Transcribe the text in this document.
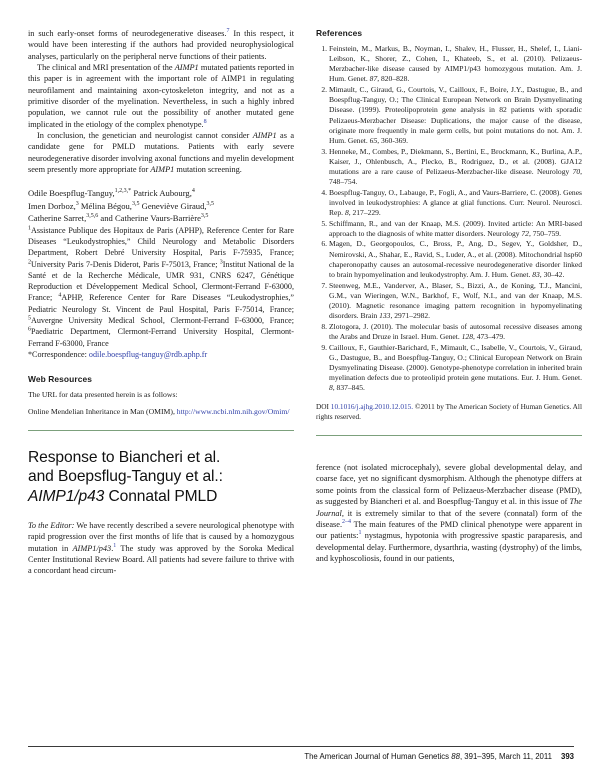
in such early-onset forms of neurodegenerative diseases.$^7$ In this respect, it would have been interesting if the authors had provided neurophysiological analyses, particularly on the peripheral nerve functions of their patients.

The clinical and MRI presentation of the AIMP1 mutated patients reported in this paper is in agreement with the important role of AIMP1 in regulating neurofilament and maintaining axon-cytoskeleton integrity, and not as a primitive disorder of the myelination. Nevertheless, in such a highly inbred population, we cannot rule out the possibility of another mutated gene implicated in the etiology of the complex phenotype.$^8$

In conclusion, the genetician and neurologist cannot consider AIMP1 as a candidate gene for PMLD mutations. Patients with early severe neurodegenerative disorder involving axonal functions and myelin development seem presently more appropriate for AIMP1 mutation screening.

Odile Boespflug-Tanguy,$^{1,2,3,*}$ Patrick Aubourg,$^4$
Imen Dorboz,$^3$ Mélina Bégou,$^{3,5}$ Geneviève Giraud,$^{3,5}$
Catherine Sarret,$^{3,5,6}$ and Catherine Vaurs-Barrière$^{3,5}$
$^1$Assistance Publique des Hopitaux de Paris (APHP), Reference Center for Rare Diseases “Leukodystrophies,” Child Neurology and Metabolic Disorders Department, Robert Debré University Hospital, Paris F-75935, France; $^2$University Paris 7-Denis Diderot, Paris F-75013, France; $^3$Institut National de la Santé et de la Recherche Médicale, UMR 931, CNRS 6247, Génétique Reproduction et Développement Medical School, Clermont-Ferrand F-63000, France; $^4$APHP, Reference Center for Rare Diseases “Leukodystrophies,” Pediatric Neurology St. Vincent de Paul Hospital, Paris F-75014, France; $^5$Auvergne University Medical School, Clermont-Ferrand F-63000, France; $^6$Paediatric Department, Clermont-Ferrand University Hospital, Clermont-Ferrand F-63000, France
*Correspondence: odile.boespflug-tanguy@rdb.aphp.fr
Web Resources

The URL for data presented herein is as follows:

Online Mendelian Inheritance in Man (OMIM), http://www.ncbi.nlm.nih.gov/Omim/

Response to Biancheri et al.
and Boepsflug-Tanguy et al.:
AIMP1/p43 Connatal PMLD

To the Editor: We have recently described a severe neurological phenotype with rapid progression over the first months of life that is caused by a homozygous mutation in AIMP1/p43.$^1$ The study was approved by the Soroka Medical Center Institutional Review Board. All patients had severe failure to thrive with a concordant head circum-

References
1. Feinstein, M., Markus, B., Noyman, I., Shalev, H., Flusser, H., Shelef, I., Liani-Leibson, K., Shorer, Z., Cohen, I., Khateeb, S., et al. (2010). Pelizaeus-Merzbacher-like disease caused by AIMP1/p43 homozygous mutation. Am. J. Hum. Genet. 87, 820–828.
2. Mimault, C., Giraud, G., Courtois, V., Cailloux, F., Boire, J.Y., Dastugue, B., and Boespflug-Tanguy, O.; The Clinical European Network on Brain Dysmyelinating Disease. (1999). Proteolipoprotein gene analysis in 82 patients with sporadic Pelizaeus-Merzbacher Disease: Duplications, the major cause of the disease, originate more frequently in male germ cells, but point mutations do not. Am. J. Hum. Genet. 65, 360-369.
3. Henneke, M., Combes, P., Diekmann, S., Bertini, E., Brockmann, K., Burlina, A.P., Kaiser, J., Ohlenbusch, A., Plecko, B., Rodriguez, D., et al. (2008). GJA12 mutations are a rare cause of Pelizaeus-Merzbacher-like disease. Neurology 70, 748–754.
4. Boespflug-Tanguy, O., Labauge, P., Fogli, A., and Vaurs-Barriere, C. (2008). Genes involved in leukodystrophies: A glance at glial functions. Curr. Neurol. Neurosci. Rep. 8, 217–229.
5. Schiffmann, R., and van der Knaap, M.S. (2009). Invited article: An MRI-based approach to the diagnosis of white matter disorders. Neurology 72, 750–759.
6. Magen, D., Georgopoulos, C., Bross, P., Ang, D., Segev, Y., Goldsher, D., Nemirovski, A., Shahar, E., Ravid, S., Luder, A., et al. (2008). Mitochondrial hsp60 chaperonopathy causes an autosomal-recessive neurodegenerative disorder linked to brain hypomyelination and leukodystrophy. Am. J. Hum. Genet. 83, 30–42.
7. Steenweg, M.E., Vanderver, A., Blaser, S., Bizzi, A., de Koning, T.J., Mancini, G.M., van Wieringen, W.N., Barkhof, F., Wolf, N.I., and van der Knaap, M.S. (2010). Magnetic resonance imaging pattern recognition in hypomyelinating disorders. Brain 133, 2971–2982.
8. Zlotogora, J. (2010). The molecular basis of autosomal recessive diseases among the Arabs and Druze in Israel. Hum. Genet. 128, 473–479.
9. Cailloux, F., Gauthier-Barichard, F., Mimault, C., Isabelle, V., Courtois, V., Giraud, G., Dastugue, B., and Boespflug-Tanguy, O.; Clinical European Network on Brain Dysmyelinating Disease. (2000). Genotype-phenotype correlation in inherited brain myelination defects due to proteolipid protein gene mutations. Eur. J. Hum. Genet. 8, 837–845.

DOI 10.1016/j.ajhg.2010.12.015. ©2011 by The American Society of Human Genetics. All rights reserved.

ference (not isolated microcephaly), severe global developmental delay, and coarse face, yet no significant dysmorphism. Although the phenotype differs at some points from the classical form of Pelizaeus-Merzbacher disease (PMD), as suggested by Biancheri et al. and Boespflug-Tanguy et al. in this issue of The Journal, it is extremely similar to that of the severe (connatal) form of the disease.$^{2-4}$ The main features of the PMD clinical phenotype were apparent in our patients:$^1$ nystagmus, hypotonia with progressive spastic paraparesis, and developmental delay. Furthermore, dysarthria, wasting (dystrophy) of the limbs, and kyphoscoliosis, found in our patients,

The American Journal of Human Genetics 88, 391–395, March 11, 2011 393
